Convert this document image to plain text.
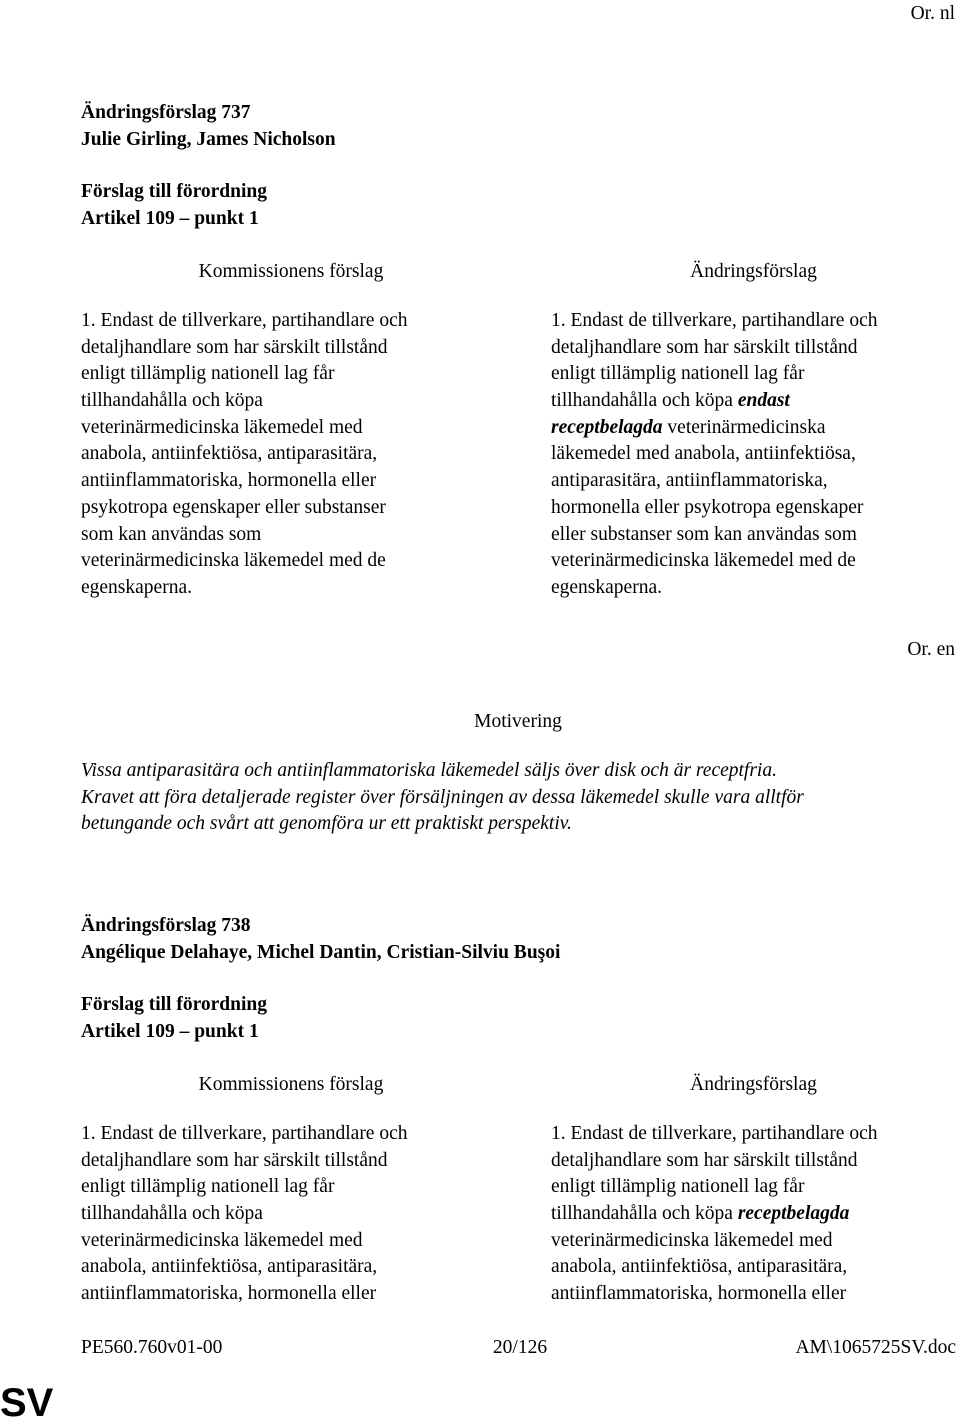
Or. nl
Ändringsförslag 737
Julie Girling, James Nicholson
Förslag till förordning
Artikel 109 – punkt 1
Kommissionens förslag	Ändringsförslag
1. Endast de tillverkare, partihandlare och
detaljhandlare som har särskilt tillstånd
enligt tillämplig nationell lag får
tillhandahålla och köpa
veterinärmedicinska läkemedel med
anabola, antiinfektiösa, antiparasitära,
antiinflammatoriska, hormonella eller
psykotropa egenskaper eller substanser
som kan användas som
veterinärmedicinska läkemedel med de
egenskaperna.
1. Endast de tillverkare, partihandlare och
detaljhandlare som har särskilt tillstånd
enligt tillämplig nationell lag får
tillhandahålla och köpa endast
receptbelagda veterinärmedicinska
läkemedel med anabola, antiinfektiösa,
antiparasitära, antiinflammatoriska,
hormonella eller psykotropa egenskaper
eller substanser som kan användas som
veterinärmedicinska läkemedel med de
egenskaperna.
Or. en
Motivering
Vissa antiparasitära och antiinflammatoriska läkemedel säljs över disk och är receptfria.
Kravet att föra detaljerade register över försäljningen av dessa läkemedel skulle vara alltför
betungande och svårt att genomföra ur ett praktiskt perspektiv.
Ändringsförslag 738
Angélique Delahaye, Michel Dantin, Cristian-Silviu Buşoi
Förslag till förordning
Artikel 109 – punkt 1
Kommissionens förslag	Ändringsförslag
1. Endast de tillverkare, partihandlare och
detaljhandlare som har särskilt tillstånd
enligt tillämplig nationell lag får
tillhandahålla och köpa
veterinärmedicinska läkemedel med
anabola, antiinfektiösa, antiparasitära,
antiinflammatoriska, hormonella eller
1. Endast de tillverkare, partihandlare och
detaljhandlare som har särskilt tillstånd
enligt tillämplig nationell lag får
tillhandahålla och köpa receptbelagda
veterinärmedicinska läkemedel med
anabola, antiinfektiösa, antiparasitära,
antiinflammatoriska, hormonella eller
PE560.760v01-00	20/126	AM\1065725SV.doc
SV
